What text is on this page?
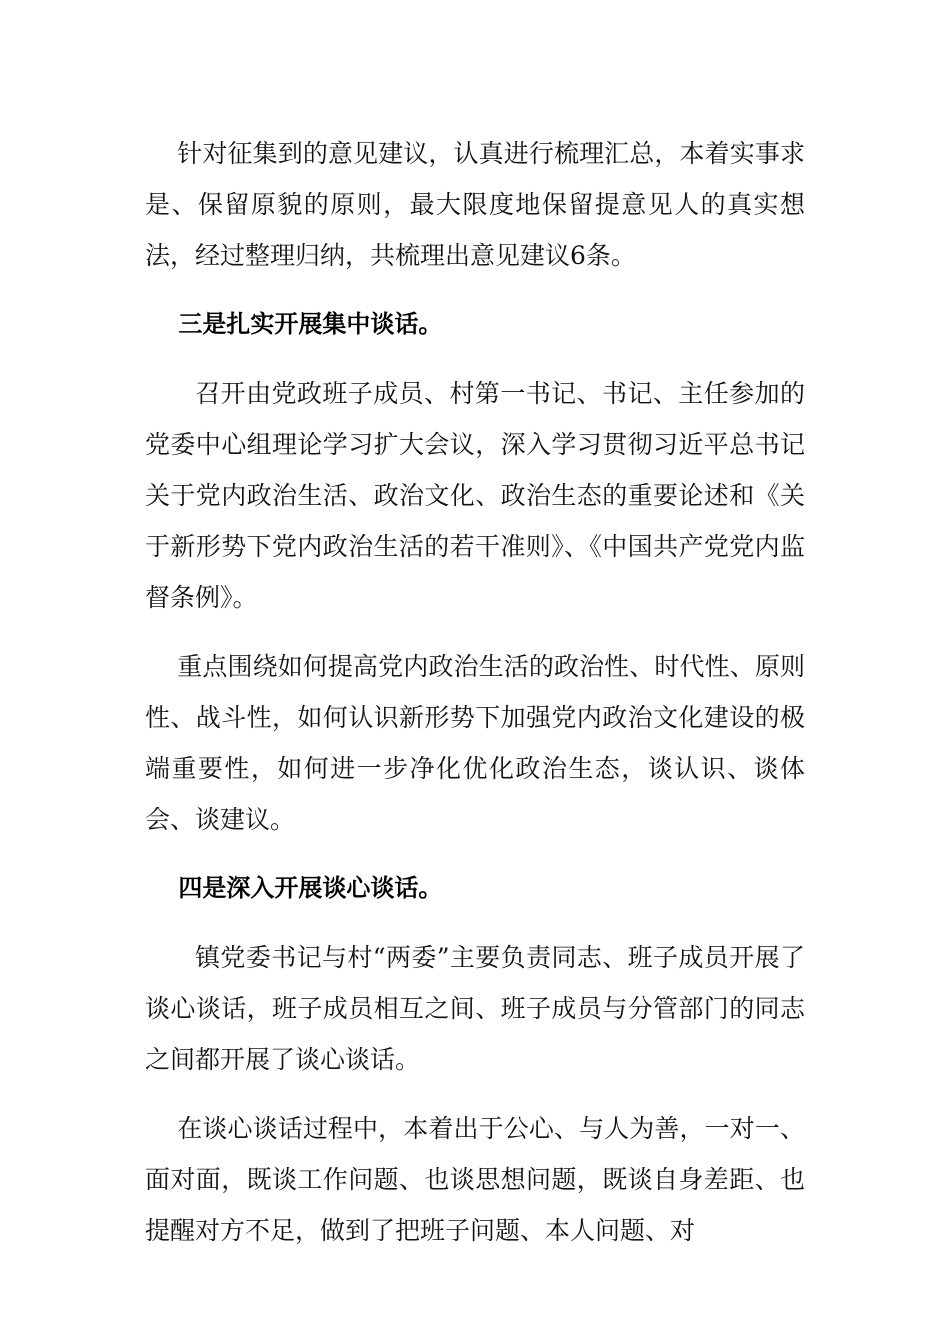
针对征集到的意见建议，认真进行梳理汇总，本着实事求是、保留原貌的原则，最大限度地保留提意见人的真实想法，经过整理归纳，共梳理出意见建议6条。

三是扎实开展集中谈话。

召开由党政班子成员、村第一书记、书记、主任参加的党委中心组理论学习扩大会议，深入学习贯彻习近平总书记关于党内政治生活、政治文化、政治生态的重要论述和《关于新形势下党内政治生活的若干准则》、《中国共产党党内监督条例》。

重点围绕如何提高党内政治生活的政治性、时代性、原则性、战斗性，如何认识新形势下加强党内政治文化建设的极端重要性，如何进一步净化优化政治生态，谈认识、谈体会、谈建议。

四是深入开展谈心谈话。

镇党委书记与村“两委”主要负责同志、班子成员开展了谈心谈话，班子成员相互之间、班子成员与分管部门的同志之间都开展了谈心谈话。

在谈心谈话过程中，本着出于公心、与人为善，一对一、面对面，既谈工作问题、也谈思想问题，既谈自身差距、也提醒对方不足，做到了把班子问题、本人问题、对
